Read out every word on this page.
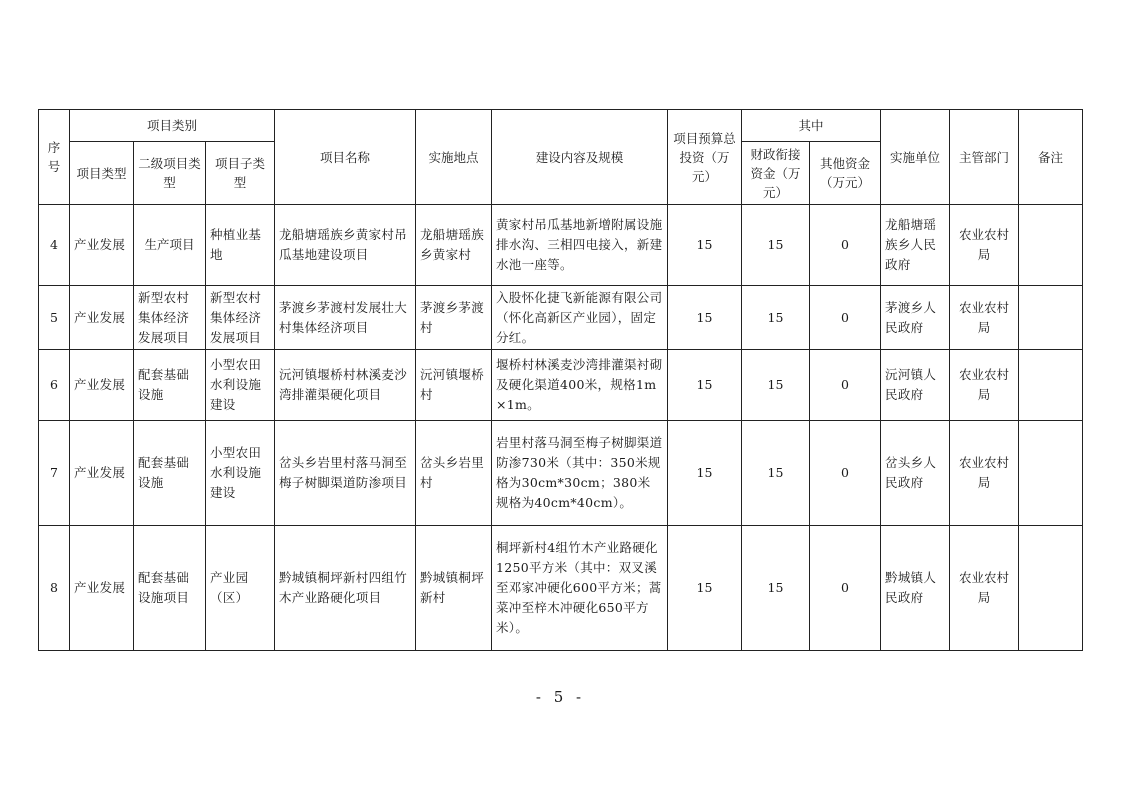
序号	项目类别			项目名称	实施地点	建设内容及规模	项目预算总投资（万元）	其中		实施单位	主管部门	备注
	项目类型	二级项目类型	项目子类型					财政衔接资金（万元）	其他资金（万元）			
4	产业发展	生产项目	种植业基地	龙船塘瑶族乡黄家村吊瓜基地建设项目	龙船塘瑶族乡黄家村	黄家村吊瓜基地新增附属设施排水沟、三相四电接入，新建水池一座等。	15	15	0	龙船塘瑶族乡人民政府	农业农村局	
5	产业发展	新型农村集体经济发展项目	新型农村集体经济发展项目	茅渡乡茅渡村发展壮大村集体经济项目	茅渡乡茅渡村	入股怀化捷飞新能源有限公司（怀化高新区产业园），固定分红。	15	15	0	茅渡乡人民政府	农业农村局	
6	产业发展	配套基础设施	小型农田水利设施建设	沅河镇堰桥村林溪麦沙湾排灌渠硬化项目	沅河镇堰桥村	堰桥村林溪麦沙湾排灌渠衬砌及硬化渠道400米，规格1m×1m。	15	15	0	沅河镇人民政府	农业农村局	
7	产业发展	配套基础设施	小型农田水利设施建设	岔头乡岩里村落马洞至梅子树脚渠道防渗项目	岔头乡岩里村	岩里村落马洞至梅子树脚渠道防渗730米（其中：350米规格为30cm*30cm；380米规格为40cm*40cm）。	15	15	0	岔头乡人民政府	农业农村局	
8	产业发展	配套基础设施项目	产业园（区）	黔城镇桐坪新村四组竹木产业路硬化项目	黔城镇桐坪新村	桐坪新村4组竹木产业路硬化1250平方米（其中：双叉溪至邓家冲硬化600平方米；蒿菜冲至梓木冲硬化650平方米）。	15	15	0	黔城镇人民政府	农业农村局	
- 5 -
